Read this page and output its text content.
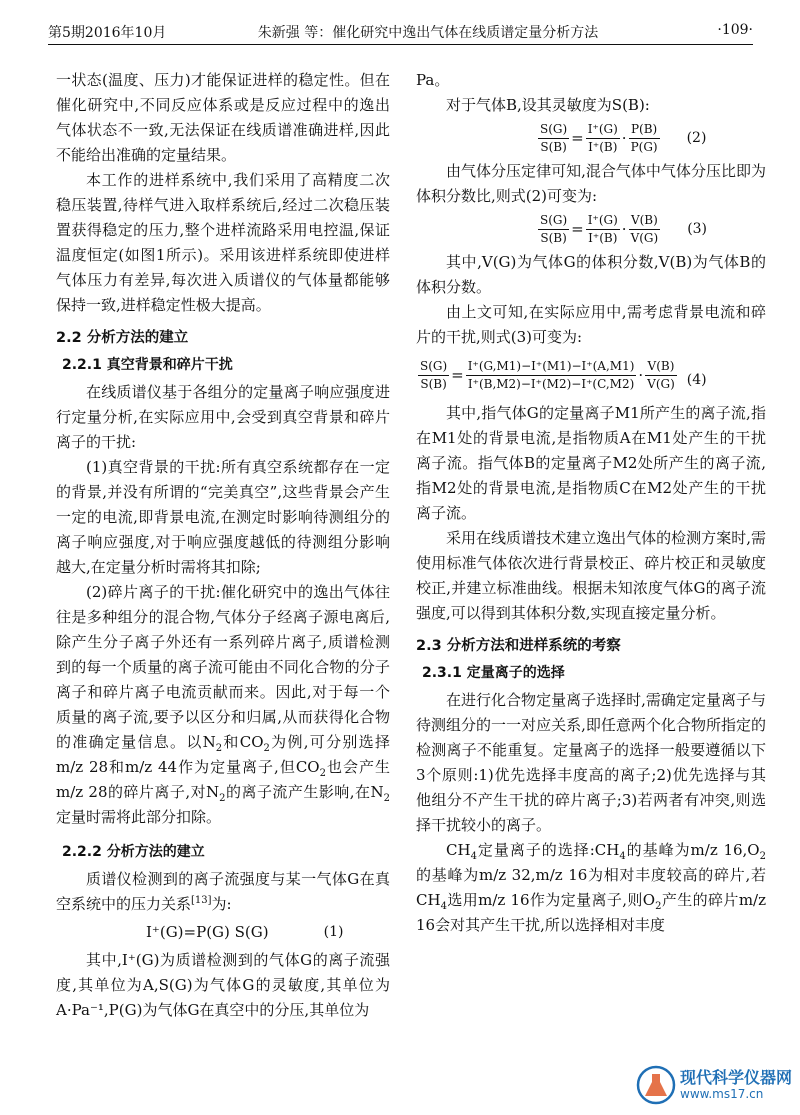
第5期2016年10月	朱新强 等：催化研究中逸出气体在线质谱定量分析方法	·109·

一状态(温度、压力)才能保证进样的稳定性。但在催化研究中,不同反应体系或是反应过程中的逸出气体状态不一致,无法保证在线质谱准确进样,因此不能给出准确的定量结果。

本工作的进样系统中,我们采用了高精度二次稳压装置,待样气进入取样系统后,经过二次稳压装置获得稳定的压力,整个进样流路采用电控温,保证温度恒定(如图1所示)。采用该进样系统即使进样气体压力有差异,每次进入质谱仪的气体量都能够保持一致,进样稳定性极大提高。

2.2 分析方法的建立
2.2.1 真空背景和碎片干扰

在线质谱仪基于各组分的定量离子响应强度进行定量分析,在实际应用中,会受到真空背景和碎片离子的干扰:

(1)真空背景的干扰:所有真空系统都存在一定的背景,并没有所谓的“完美真空”,这些背景会产生一定的电流,即背景电流,在测定时影响待测组分的离子响应强度,对于响应强度越低的待测组分影响越大,在定量分析时需将其扣除;

(2)碎片离子的干扰:催化研究中的逸出气体往往是多种组分的混合物,气体分子经离子源电离后,除产生分子离子外还有一系列碎片离子,质谱检测到的每一个质量的离子流可能由不同化合物的分子离子和碎片离子电流贡献而来。因此,对于每一个质量的离子流,要予以区分和归属,从而获得化合物的准确定量信息。以$N_2$和$CO_2$为例,可分别选择m/z 28和m/z 44作为定量离子,但$CO_2$也会产生m/z 28的碎片离子,对$N_2$的离子流产生影响,在$N_2$定量时需将此部分扣除。

2.2.2 分析方法的建立

质谱仪检测到的离子流强度与某一气体G在真空系统中的压力关系[13]为:

I⁺(G)=P(G) S(G)	(1)

其中,I⁺(G)为质谱检测到的气体G的离子流强度,其单位为A,S(G)为气体G的灵敏度,其单位为A·Pa⁻¹,P(G)为气体G在真空中的分压,其单位为

Pa。

对于气体B,设其灵敏度为S(B):

$\frac{S(G)}{S(B)} = \frac{I^+(G)}{I^+(B)} \cdot \frac{P(B)}{P(G)} (2)$

由气体分压定律可知,混合气体中气体分压比即为体积分数比,则式(2)可变为:

$\frac{S(G)}{S(B)} = \frac{I^+(G)}{I^+(B)} \cdot \frac{V(B)}{V(G)} (3)$

其中,V(G)为气体G的体积分数,V(B)为气体B的体积分数。

由上文可知,在实际应用中,需考虑背景电流和碎片的干扰,则式(3)可变为:

$\frac{S(G)}{S(B)} = \frac{I^+(G,M1)-I^+(M1)-I^+(A,M1)}{I^+(B,M2)-I^+(M2)-I^+(C,M2)} \cdot \frac{V(B)}{V(G)} (4)$

其中,指气体G的定量离子M1所产生的离子流,指在M1处的背景电流,是指物质A在M1处产生的干扰离子流。指气体B的定量离子M2处所产生的离子流,指M2处的背景电流,是指物质C在M2处产生的干扰离子流。

采用在线质谱技术建立逸出气体的检测方案时,需使用标准气体依次进行背景校正、碎片校正和灵敏度校正,并建立标准曲线。根据未知浓度气体G的离子流强度,可以得到其体积分数,实现直接定量分析。

2.3 分析方法和进样系统的考察
2.3.1 定量离子的选择

在进行化合物定量离子选择时,需确定定量离子与待测组分的一一对应关系,即任意两个化合物所指定的检测离子不能重复。定量离子的选择一般要遵循以下3个原则:1)优先选择丰度高的离子;2)优先选择与其他组分不产生干扰的碎片离子;3)若两者有冲突,则选择干扰较小的离子。

$CH_4$定量离子的选择$:CH_4$的基峰为m/z $16,O_2$的基峰为m/z 32,m/z 16为相对丰度较高的碎片,若$CH_4$选用m/z 16作为定量离子,则$O_2$产生的碎片m/z 16会对其产生干扰,所以选择相对丰度

现代科学仪器网
www.ms17.cn
